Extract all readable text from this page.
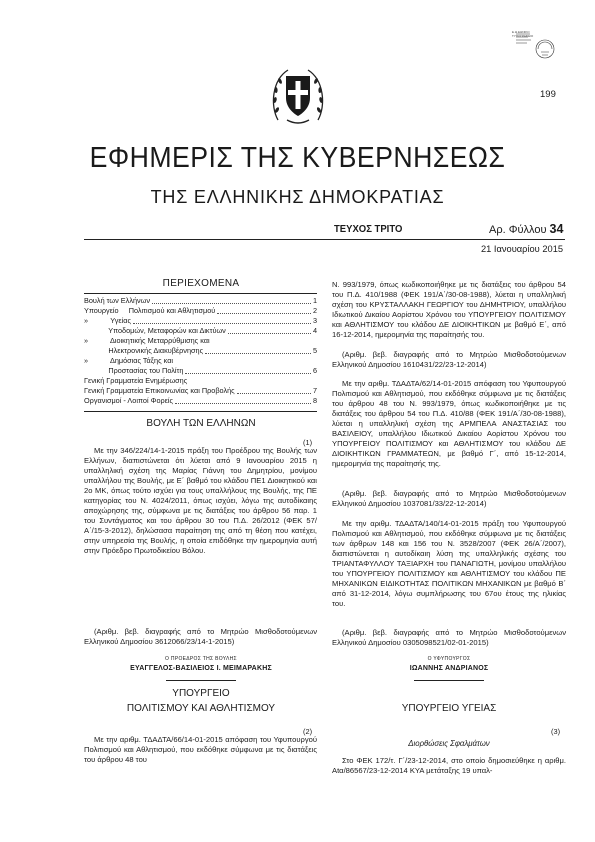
Ε.Θ.ΕΘΝΙΚΟ
ΤΥΠΟΓΡΑΦΕΙΟ
199
ΕΦΗΜΕΡΙΣ ΤΗΣ ΚΥΒΕΡΝΗΣΕΩΣ
ΤΗΣ ΕΛΛΗΝΙΚΗΣ ΔΗΜΟΚΡΑΤΙΑΣ
ΤΕΥΧΟΣ ΤΡΙΤΟ	Αρ. Φύλλου 34
21 Ιανουαρίου 2015
ΠΕΡΙΕΧΟΜΕΝΑ
Βουλή των Ελλήνων	1
Υπουργείο     Πολιτισμού και Αθλητισμού	2
»           Υγείας	3
Υποδομών, Μεταφορών και Δικτύων	4
»           Διοικητικής Μεταρρύθμισης και
Ηλεκτρονικής Διακυβέρνησης	5
»           Δημόσιας Τάξης και
Προστασίας του Πολίτη	6
Γενική Γραμματεία Ενημέρωσης
Γενική Γραμματεία Επικοινωνίας και Προβολής	7
Οργανισμοί - Λοιποί Φορείς	8
ΒΟΥΛΗ ΤΩΝ ΕΛΛΗΝΩΝ
(1)
Με την 346/224/14-1-2015 πράξη του Προέδρου της Βουλής των Ελλήνων, διαπιστώνεται ότι λύεται από 9 Ιανουαρίου 2015 η υπαλληλική σχέση της Μαρίας Γιάννη του Δημητρίου, μονίμου υπαλλήλου της Βουλής, με Ε΄ βαθμό του κλάδου ΠΕ1 Διοικητικού και 2ο ΜΚ, όπως τούτο ισχύει για τους υπαλλήλους της Βουλής, της ΠΕ κατηγορίας του Ν. 4024/2011, όπως ισχύει, λόγω της αυτοδίκαιης αποχώρησης της, σύμφωνα με τις διατάξεις του άρθρου 56 παρ. 1 του Συντάγματος και του άρθρου 30 του Π.Δ. 26/2012 (ΦΕΚ 57/Α΄/15-3-2012), δηλώσασα παραίτηση της από τη θέση που κατέχει, στην υπηρεσία της Βουλής, η οποία επιδόθηκε την ημερομηνία αυτή στην Πρόεδρο Πρωτοδικείου Βόλου.
(Αριθμ. βεβ. διαγραφής από το Μητρώο Μισθοδοτούμενων Ελληνικού Δημοσίου 3612066/23/14-1-2015)
Ο ΠΡΟΕΔΡΟΣ ΤΗΣ ΒΟΥΛΗΣ
ΕΥΑΓΓΕΛΟΣ-ΒΑΣΙΛΕΙΟΣ Ι. ΜΕΙΜΑΡΑΚΗΣ
ΥΠΟΥΡΓΕΙΟ
ΠΟΛΙΤΙΣΜΟΥ ΚΑΙ ΑΘΛΗΤΙΣΜΟΥ
(2)
Με την αριθμ. ΤΔΑΔΤΑ/66/14-01-2015 απόφαση του Υφυπουργού Πολιτισμού και Αθλητισμού, που εκδόθηκε σύμφωνα με τις διατάξεις του άρθρου 48 του
Ν. 993/1979, όπως κωδικοποιήθηκε με τις διατάξεις του άρθρου 54 του Π.Δ. 410/1988 (ΦΕΚ 191/Α΄/30-08-1988), λύεται η υπαλληλική σχέση του ΚΡΥΣΤΑΛΛΑΚΗ ΓΕΩΡΓΙΟΥ του ΔΗΜΗΤΡΙΟΥ, υπαλλήλου Ιδιωτικού Δικαίου Αορίστου Χρόνου του ΥΠΟΥΡΓΕΙΟΥ ΠΟΛΙΤΙΣΜΟΥ και ΑΘΛΗΤΙΣΜΟΥ του κλάδου ΔΕ ΔΙΟΙΚΗΤΙΚΩΝ με βαθμό Ε΄, από 16-12-2014, ημερομηνία της παραίτησής του.
(Αριθμ. βεβ. διαγραφής από το Μητρώο Μισθοδοτούμενων Ελληνικού Δημοσίου 1610431/22/23-12-2014)
Με την αριθμ. ΤΔΑΔΤΑ/62/14-01-2015 απόφαση του Υφυπουργού Πολιτισμού και Αθλητισμού, που εκδόθηκε σύμφωνα με τις διατάξεις του άρθρου 48 του Ν. 993/1979, όπως κωδικοποιήθηκε με τις διατάξεις του άρθρου 54 του Π.Δ. 410/88 (ΦΕΚ 191/Α΄/30-08-1988), λύεται η υπαλληλική σχέση της ΑΡΜΠΕΛΑ ΑΝΑΣΤΑΣΙΑΣ του ΒΑΣΙΛΕΙΟΥ, υπαλλήλου Ιδιωτικού Δικαίου Αορίστου Χρόνου του ΥΠΟΥΡΓΕΙΟΥ ΠΟΛΙΤΙΣΜΟΥ και ΑΘΛΗΤΙΣΜΟΥ του κλάδου ΔΕ ΔΙΟΙΚΗΤΙΚΩΝ ΓΡΑΜΜΑΤΕΩΝ, με βαθμό Γ΄, από 15-12-2014, ημερομηνία της παραίτησής της.
(Αριθμ. βεβ. διαγραφής από το Μητρώο Μισθοδοτούμενων Ελληνικού Δημοσίου 1037081/33/22-12-2014)
Με την αριθμ. ΤΔΑΔΤΑ/140/14-01-2015 πράξη του Υφυπουργού Πολιτισμού και Αθλητισμού, που εκδόθηκε σύμφωνα με τις διατάξεις των άρθρων 148 και 156 του Ν. 3528/2007 (ΦΕΚ 26/Α΄/2007), διαπιστώνεται η αυτοδίκαιη λύση της υπαλληλικής σχέσης του ΤΡΙΑΝΤΑΦΥΛΛΟΥ ΤΑΞΙΑΡΧΗ του ΠΑΝΑΓΙΩΤΗ, μονίμου υπαλλήλου του ΥΠΟΥΡΓΕΙΟΥ ΠΟΛΙΤΙΣΜΟΥ και ΑΘΛΗΤΙΣΜΟΥ του κλάδου ΠΕ ΜΗΧΑΝΙΚΩΝ ΕΙΔΙΚΟΤΗΤΑΣ ΠΟΛΙΤΙΚΩΝ ΜΗΧΑΝΙΚΩΝ με βαθμό Β΄ από 31-12-2014, λόγω συμπλήρωσης του 67ου έτους της ηλικίας του.
(Αριθμ. βεβ. διαγραφής από το Μητρώο Μισθοδοτούμενων Ελληνικού Δημοσίου 0305098521/02-01-2015)
Ο ΥΦΥΠΟΥΡΓΟΣ
ΙΩΑΝΝΗΣ ΑΝΔΡΙΑΝΟΣ
ΥΠΟΥΡΓΕΙΟ ΥΓΕΙΑΣ
(3)
Διορθώσεις Σφαλμάτων
Στο ΦΕΚ 172/τ. Γ΄/23-12-2014, στο οποίο δημοσιεύθηκε η αριθμ. Αtα/86567/23-12-2014 ΚΥΑ μετάταξης 19 υπαλ-
